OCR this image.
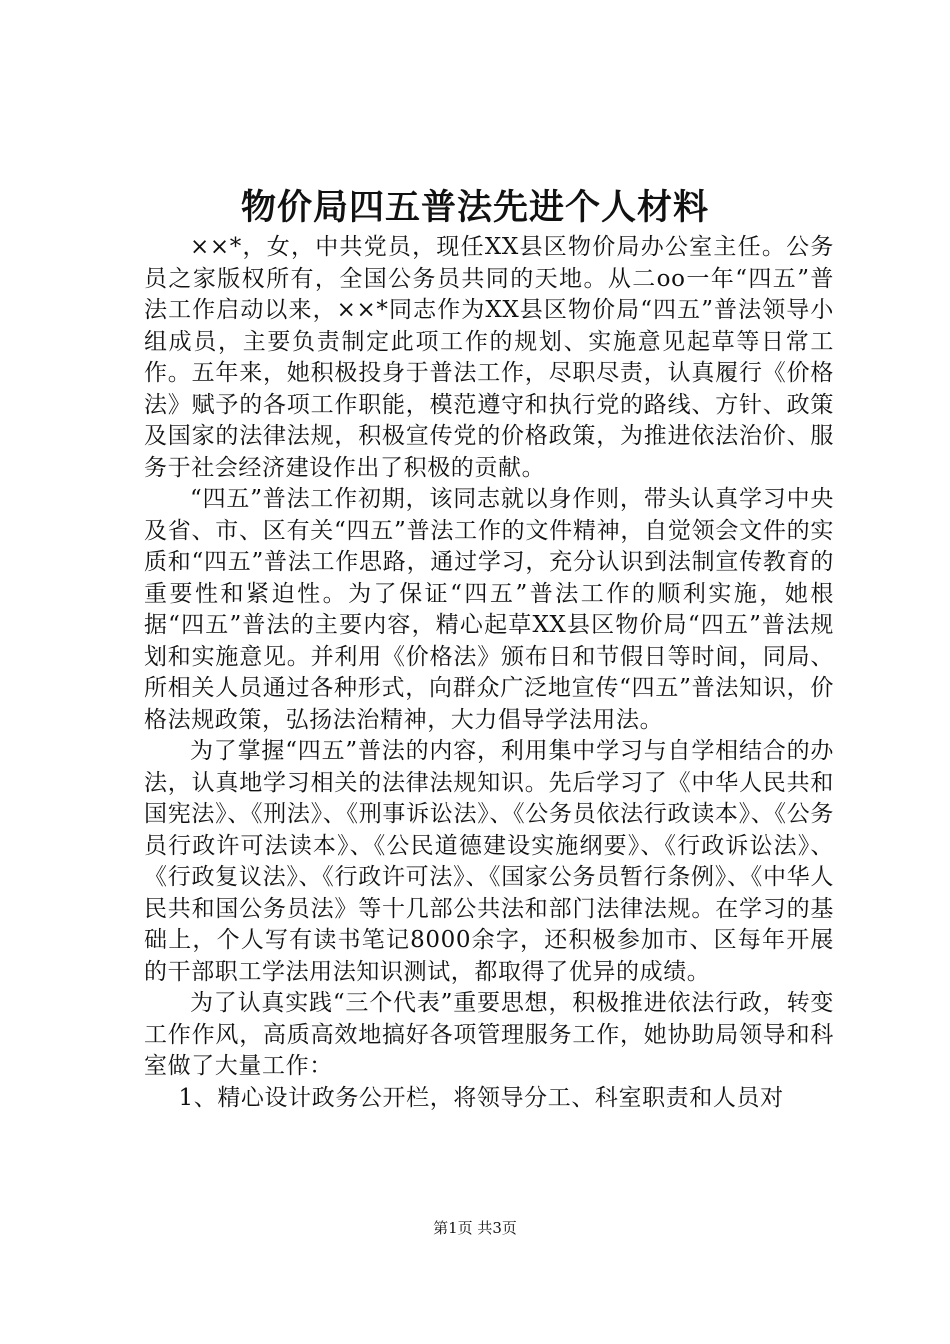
物价局四五普法先进个人材料

××*，女，中共党员，现任XX县区物价局办公室主任。公务员之家版权所有，全国公务员共同的天地。从二oo一年“四五”普法工作启动以来，××*同志作为XX县区物价局“四五”普法领导小组成员，主要负责制定此项工作的规划、实施意见起草等日常工作。五年来，她积极投身于普法工作，尽职尽责，认真履行《价格法》赋予的各项工作职能，模范遵守和执行党的路线、方针、政策及国家的法律法规，积极宣传党的价格政策，为推进依法治价、服务于社会经济建设作出了积极的贡献。

“四五”普法工作初期，该同志就以身作则，带头认真学习中央及省、市、区有关“四五”普法工作的文件精神，自觉领会文件的实质和“四五”普法工作思路，通过学习，充分认识到法制宣传教育的重要性和紧迫性。为了保证“四五”普法工作的顺利实施，她根据“四五”普法的主要内容，精心起草XX县区物价局“四五”普法规划和实施意见。并利用《价格法》颁布日和节假日等时间，同局、所相关人员通过各种形式，向群众广泛地宣传“四五”普法知识，价格法规政策，弘扬法治精神，大力倡导学法用法。

为了掌握“四五”普法的内容，利用集中学习与自学相结合的办法，认真地学习相关的法律法规知识。先后学习了《中华人民共和国宪法》、《刑法》、《刑事诉讼法》、《公务员依法行政读本》、《公务员行政许可法读本》、《公民道德建设实施纲要》、《行政诉讼法》、《行政复议法》、《行政许可法》、《国家公务员暂行条例》、《中华人民共和国公务员法》等十几部公共法和部门法律法规。在学习的基础上，个人写有读书笔记8000余字，还积极参加市、区每年开展的干部职工学法用法知识测试，都取得了优异的成绩。

为了认真实践“三个代表”重要思想，积极推进依法行政，转变工作作风，高质高效地搞好各项管理服务工作，她协助局领导和科室做了大量工作：

1、精心设计政务公开栏，将领导分工、科室职责和人员对

第1页 共3页
